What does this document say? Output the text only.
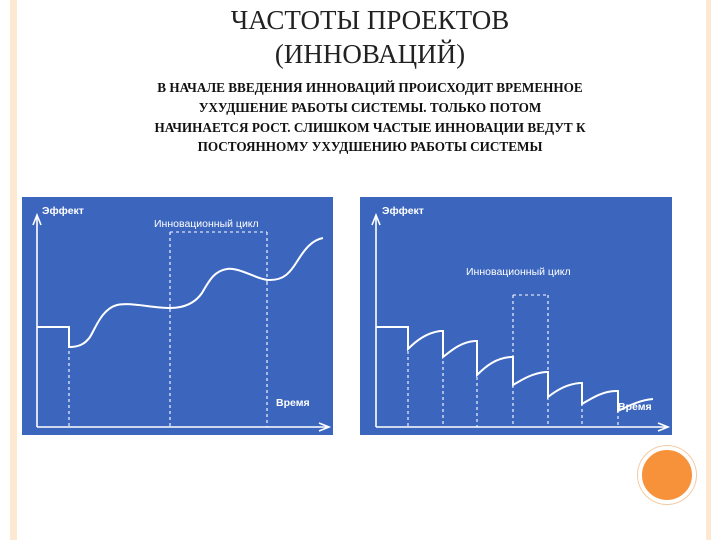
ЧАСТОТЫ ПРОЕКТОВ
(ИННОВАЦИЙ)
В НАЧАЛЕ ВВЕДЕНИЯ ИННОВАЦИЙ ПРОИСХОДИТ ВРЕМЕННОЕ
УХУДШЕНИЕ РАБОТЫ СИСТЕМЫ. ТОЛЬКО ПОТОМ
НАЧИНАЕТСЯ РОСТ. СЛИШКОМ ЧАСТЫЕ ИННОВАЦИИ ВЕДУТ К
ПОСТОЯННОМУ УХУДШЕНИЮ РАБОТЫ СИСТЕМЫ
Эффект
Инновационный цикл
Время
Эффект
Инновационный цикл
Время
